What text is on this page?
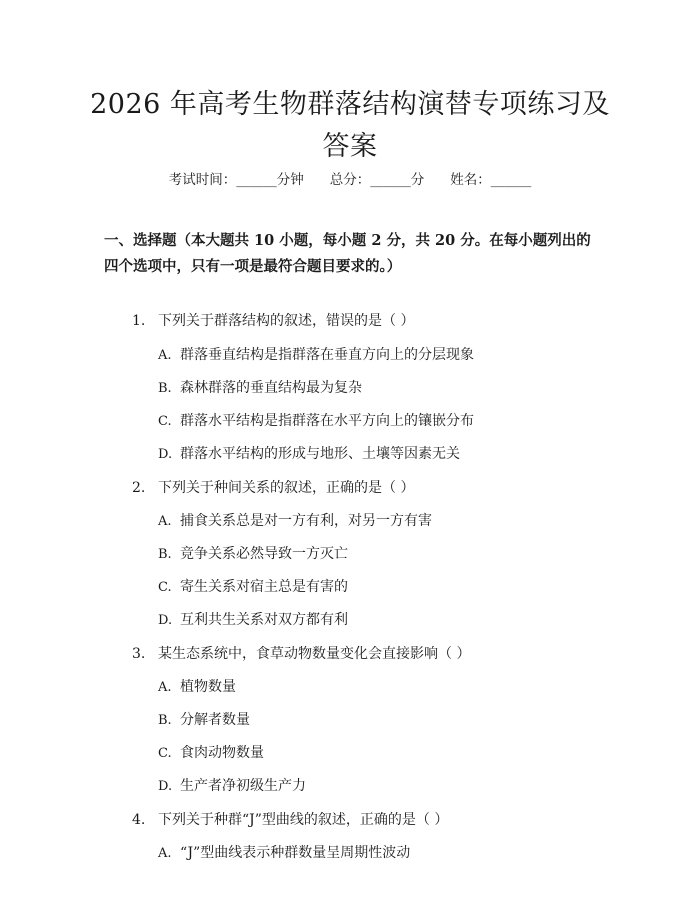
2026 年高考生物群落结构演替专项练习及答案
考试时间：______分钟 总分：______分 姓名：______

一、选择题（本大题共 10 小题，每小题 2 分，共 20 分。在每小题列出的四个选项中，只有一项是最符合题目要求的。）

1. 下列关于群落结构的叙述，错误的是（ ）
A. 群落垂直结构是指群落在垂直方向上的分层现象
B. 森林群落的垂直结构最为复杂
C. 群落水平结构是指群落在水平方向上的镶嵌分布
D. 群落水平结构的形成与地形、土壤等因素无关
2. 下列关于种间关系的叙述，正确的是（ ）
A. 捕食关系总是对一方有利，对另一方有害
B. 竞争关系必然导致一方灭亡
C. 寄生关系对宿主总是有害的
D. 互利共生关系对双方都有利
3. 某生态系统中，食草动物数量变化会直接影响（ ）
A. 植物数量
B. 分解者数量
C. 食肉动物数量
D. 生产者净初级生产力
4. 下列关于种群“J”型曲线的叙述，正确的是（ ）
A. “J”型曲线表示种群数量呈周期性波动
